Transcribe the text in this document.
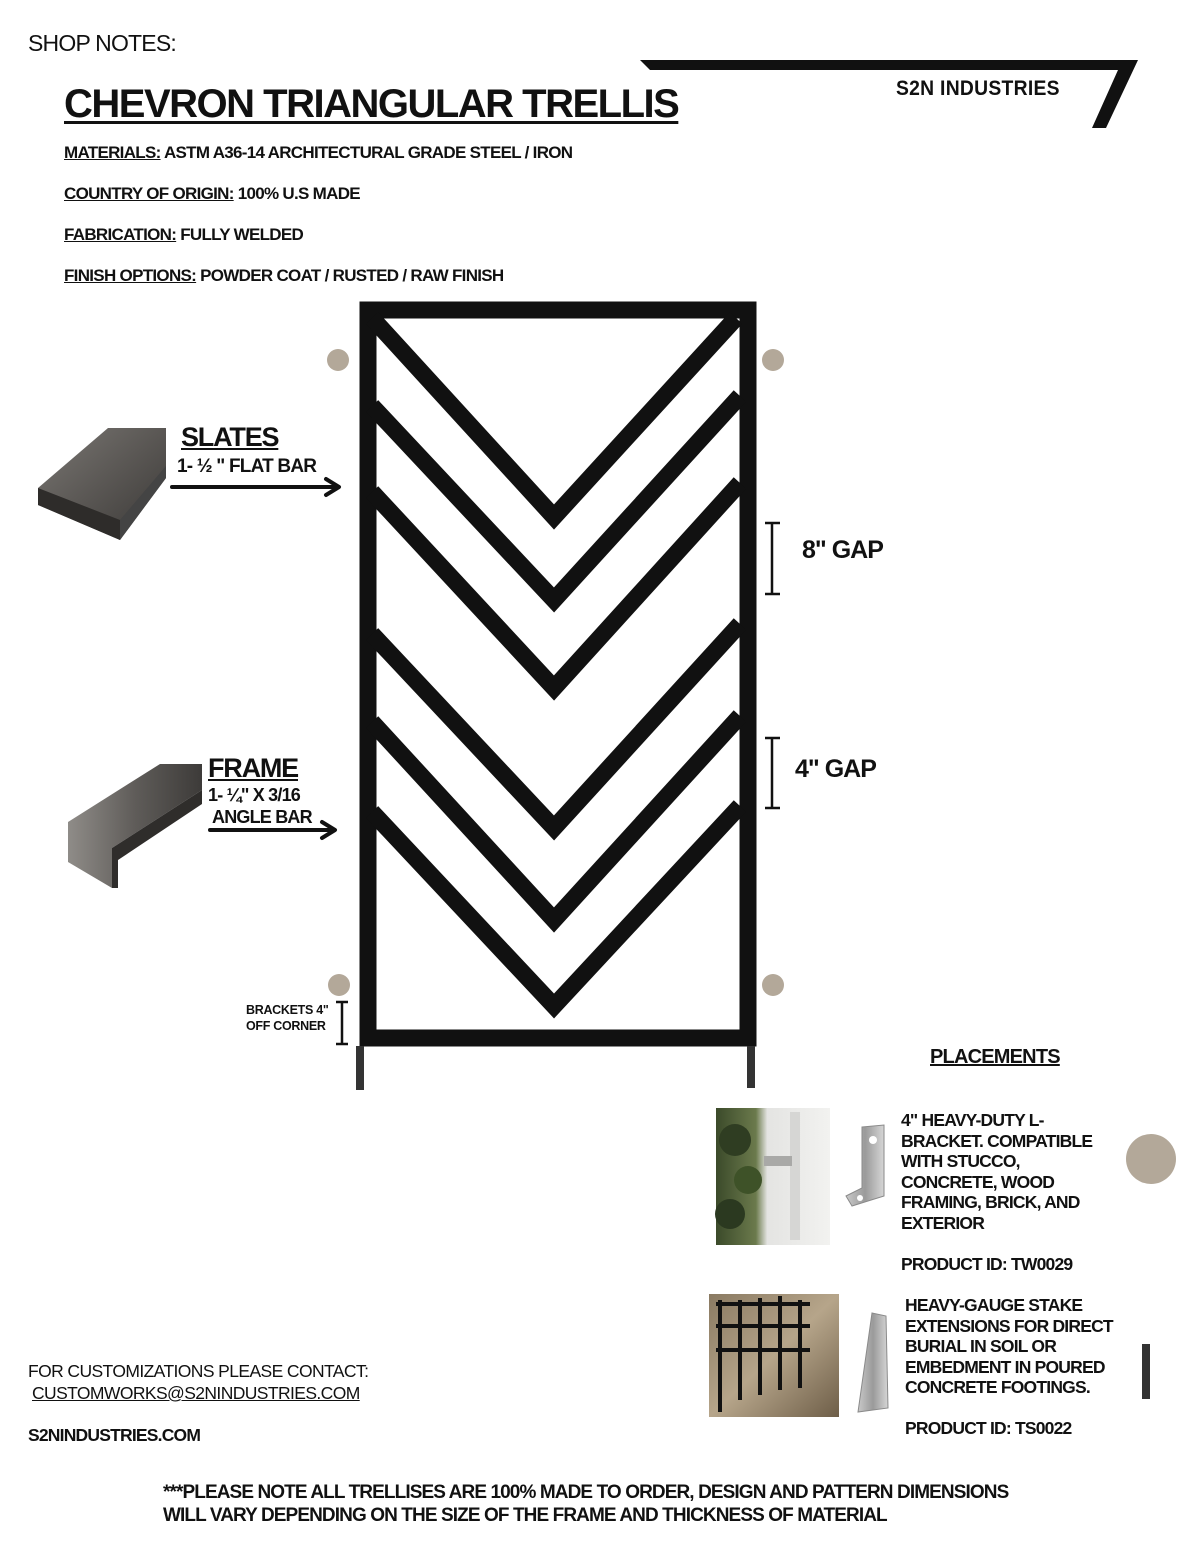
SHOP NOTES:
CHEVRON TRIANGULAR TRELLIS	S2N INDUSTRIES
MATERIALS: ASTM A36-14 ARCHITECTURAL GRADE STEEL / IRON
COUNTRY OF ORIGIN: 100% U.S MADE
FABRICATION: FULLY WELDED
FINISH OPTIONS: POWDER COAT / RUSTED / RAW FINISH
SLATES
1- ½ " FLAT BAR
FRAME
1- ¼" X 3/16
ANGLE BAR
8" GAP
4" GAP
BRACKETS 4"
OFF CORNER
PLACEMENTS
4" HEAVY-DUTY L-
BRACKET. COMPATIBLE
WITH STUCCO,
CONCRETE, WOOD
FRAMING, BRICK, AND
EXTERIOR
PRODUCT ID: TW0029
HEAVY-GAUGE STAKE
EXTENSIONS FOR DIRECT
BURIAL IN SOIL OR
EMBEDMENT IN POURED
CONCRETE FOOTINGS.
PRODUCT ID: TS0022
FOR CUSTOMIZATIONS PLEASE CONTACT:
CUSTOMWORKS@S2NINDUSTRIES.COM
S2NINDUSTRIES.COM
***PLEASE NOTE ALL TRELLISES ARE 100% MADE TO ORDER, DESIGN AND PATTERN DIMENSIONS
WILL VARY DEPENDING ON THE SIZE OF THE FRAME AND THICKNESS OF MATERIAL
